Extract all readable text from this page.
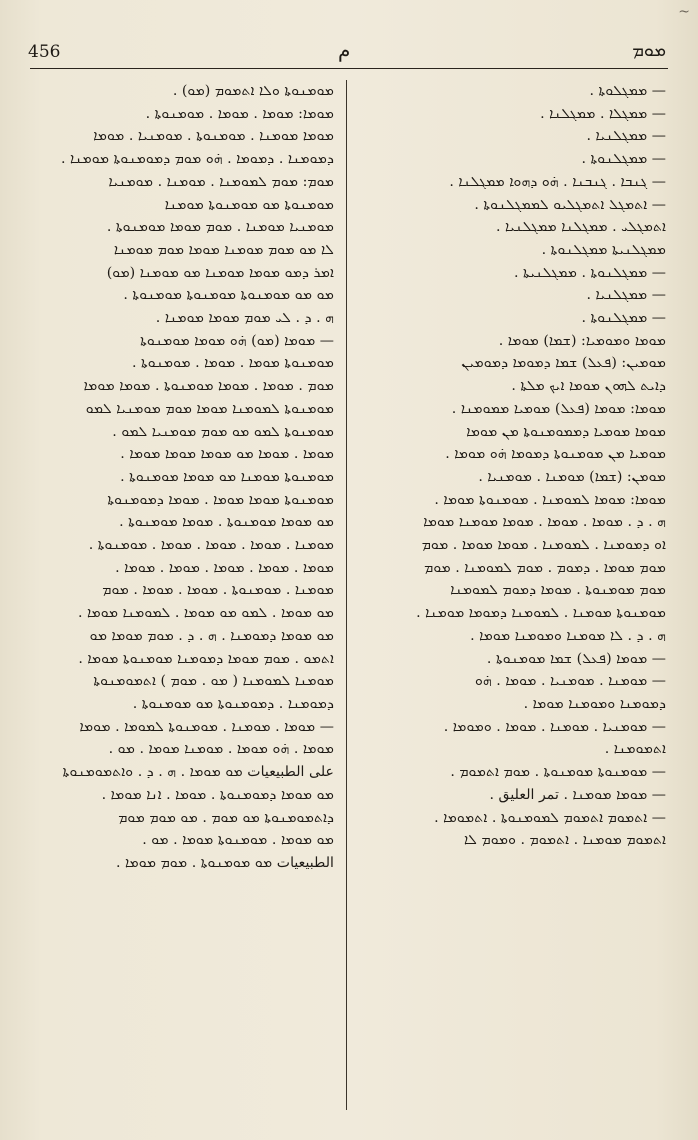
456	م	ܡܘܡ
~

— ܡܡܓܠܘܬܐ .

— ܡܡܓܠܐ . ܡܡܓܠܢܐ .

— ܡܡܓܠܢܝܐ .

— ܡܡܓܠܢܘܬܐ .

— ܓܢܒܐ . ܓܢܒܢܐ . ܗ̇ܘ ܕܗܘܐ ܡܡܓܠܢܐ .

— ܐܬܡܓܠ ܐܬܡܓܠܝܘ ܠܡܡܓܠܢܘܬܐ .

ܐܬܡܓܠܝ . ܡܡܓܠܢܐ ܡܡܓܠܢܝܐ .

ܡܡܓܠܢܝܬܐ ܡܡܓܠܢܘܬܐ .

— ܡܡܓܠܢܘܬܐ . ܡܡܓܠܢܝܬܐ .

— ܡܡܓܠܢܝܐ .

— ܡܡܓܠܢܘܬܐ .

ܡܘܡܐ ܘܡܘܡܝܐ: (ܫܡܐ) ܡܘܡܐ .

ܡܘܡܝܢ: (ܦܥܠ) ܫܡܐ ܕܡܘܡܐ ܕܡܘܡܝܢ

ܕܐܝܬ ܠܗܘܢ ܡܘܡܐ ܐܝܟ ܡܠܬܐ .

ܡܘܡܐ: ܡܘܡܐ (ܦܥܠ) ܡܘܡܝܐ ܡܡܘܡܢܐ .

ܡܘܡܐ ܡܘܡܝܐ ܕܡܡܘܡܢܘܬܐ ܡܢ ܡܘܡܐ

ܡܘܡܝܐ ܡܢ ܡܘܡܢܘܬܐ ܕܡܘܡܐ ܗ̇ܘ ܡܘܡܐ .

ܡܘܡܢ: (ܫܡܐ) ܡܘܡܢܐ . ܡܘܡܢܝܐ .

ܡܘܡܐ: ܡܘܡܐ ܠܡܘܡܢܐ . ܡܘܡܢܘܬܐ ܡܘܡܐ .

ܗ . ܕ . ܡܘܡܐ . ܡܘܡܐ . ܡܘܡܐ ܡܘܡܢܐ ܡܘܡܐ

ܐܘ ܕܡܘܡܢܐ . ܠܡܘܡܢܐ . ܡܘܡܐ ܡܘܡܐ . ܡܘܡ

ܡܘܡ ܡܘܡܐ . ܕܡܘܡ . ܡܘܡ ܠܡܘܡܢܐ . ܡܘܡ

ܡܘܡ ܡܘܡܢܘܬܐ . ܡܘܡܐ ܕܡܘܡ ܠܡܘܡܢܐ

ܡܘܡܢܘܬܐ ܡܘܡܢܐ . ܠܡܘܡܢܐ ܕܡܘܡܐ ܡܘܡܢܐ .

ܗ . ܕ . ܠܐ ܡܘܡܢܐ ܘܡܘܡܢܐ ܡܘܡܐ .

— ܡܘܡܐ (ܦܥܠ) ܫܡܐ ܡܘܡܢܘܬܐ .

— ܡܘܡܢܐ . ܡܘܡܢܝܐ . ܡܘܡܐ . ܗ̇ܘ

ܕܡܘܡܢܐ ܘܡܘܡܢܐ ܡܘܡܐ .

— ܡܘܡܢܝܐ . ܡܘܡܢܐ . ܡܘܡܐ . ܘܡܘܡܐ .

ܐܬܡܘܡܢܐ .

— ܡܘܡܢܘܬܐ ܡܘܡܢܘܬܐ . ܡܘܡ ܐܬܡܘܡ .

— ܡܘܡܐ ܡܘܡܢܐ . تمر العليق .

— ܐܬܡܘܡ ܐܬܡܘܡ ܠܡܘܡܢܘܬܐ . ܐܬܡܘܡܐ .

ܐܬܡܘܡ ܡܘܡܢܐ . ܐܬܡܘܡ . ܘܡܘܡ ܠܐ

ܡܘܡܢܘܬܐ ܘܠܐ ܐܬܡܘܡ (ܡܘ) .

ܡܘܡܐ: ܡܘܡܐ . ܡܘܡܐ . ܡܘܡܢܘܬܐ .

ܡܘܡܐ ܡܘܡܢܐ . ܡܘܡܢܘܬܐ . ܡܘܡܢܝܐ . ܡܘܡܐ

ܕܡܘܡܢܐ . ܕܡܘܡܐ . ܗ̇ܘ ܡܘܡ ܕܡܘܡܢܘܬܐ ܡܘܡܢܐ .

ܡܘܡ: ܡܘܡ ܠܡܘܡܢܐ . ܡܘܡܢܐ . ܡܘܡܢܝܐ

ܡܘܡܢܘܬܐ ܡܘ ܡܘܡܢܘܬܐ ܡܘܡܢܐ

ܡܘܡܢܝܐ ܡܘܡܢܐ . ܡܘܡ ܡܘܡܐ ܡܘܡܢܘܬܐ .

ܠܐ ܡܘ ܡܘܡ ܡܘܡܢܐ ܡܘܡܐ ܡܘܡ ܡܘܡܢܐ

ܐܡܪ ܕܡܘ ܡܘܡܐ ܡܘܡܢܐ ܡܘ ܡܘܡܢܐ (ܡܘ)

ܡܘ ܡܘ ܡܘܡܢܘܬܐ ܡܘܡܢܘܬܐ ܡܘܡܢܘܬܐ .

ܗ . ܕ . ܠܝ ܡܘܡ ܡܘܡܐ ܡܘܡܢܐ .

— ܡܘܡܐ (ܡܘ) ܗ̇ܘ ܡܘܡܐ ܡܘܡܢܘܬܐ

ܡܘܡܢܘܬܐ ܡܘܡܐ . ܡܘܡܐ . ܡܘܡܢܘܬܐ .

ܡܘܡ . ܡܘܡܐ . ܡܘܡܐ ܡܘܡܢܘܬܐ . ܡܘܡܐ ܡܘܡܐ

ܡܘܡܢܘܬܐ ܠܡܘܡܢܐ ܡܘܡܐ ܡܘܡ ܡܘܡܢܝܐ ܠܡܘ

ܡܘܡܢܘܬܐ ܠܡܘ ܡܘ ܡܘܡ ܡܘܡܢܝܐ ܠܡܘ .

ܡܘܡܐ . ܡܘܡܐ ܡܘ ܡܘܡܐ ܡܘܡܐ ܡܘܡܐ .

ܡܘܡܢܘܬܐ ܡܘܡܢܐ ܡܘ ܡܘܡܐ ܡܘܡܢܘܬܐ .

ܡܘܡܢܘܬܐ ܡܘܡܐ ܡܘܡܐ . ܡܘܡܐ ܕܡܘܡܢܘܬܐ

ܡܘ ܡܘܡܐ ܡܘܡܢܘܬܐ . ܡܘܡܐ ܡܘܡܢܘܬܐ .

ܡܘܡܢܐ . ܡܘܡܐ . ܡܘܡܐ . ܡܘܡܐ . ܡܘܡܢܘܬܐ .

ܡܘܡܐ . ܡܘܡܐ . ܡܘܡܐ . ܡܘܡܐ . ܡܘܡܐ .

ܡܘܡܢܐ . ܡܘܡܢܘܬܐ . ܡܘܡܐ . ܡܘܡܐ . ܡܘܡ

ܡܘ ܡܘܡܐ . ܠܡܘ ܡܘ ܡܘܡܐ . ܠܡܘܡܢܐ ܡܘܡܐ .

ܡܘ ܡܘܡܐ ܕܡܘܡܢܐ . ܗ . ܕ . ܡܘܡ ܡܘܡܐ ܡܘ

ܐܬܡܘ . ܡܘܡ ܡܘܡܐ ܕܡܘܡܢܐ ܡܘܡܢܘܬܐ ܡܘܡܐ .

ܡܘܡܢܐ ܠܡܘܡܢܐ ( ܡܘ . ܡܘܡ ) ܐܬܡܘܡܢܘܬܐ

ܕܡܘܡܢܐ . ܕܡܘܡܢܘܬܐ ܡܘ ܡܘܡܢܘܬܐ .

— ܡܘܡܐ . ܡܘܡܢܐ . ܡܘܡܢܘܬܐ ܠܡܘܡܐ . ܡܘܡܐ

ܡܘܡܐ . ܗ̇ܘ ܡܘܡܐ . ܡܘܡܢܐ ܡܘܡܐ . ܡܘ .

على الطبيعيات ܡܘ ܡܘܡܐ . ܗ . ܕ . ܘܐܬܡܘܡܢܘܬܐ

ܡܘ ܡܘܡܐ ܕܡܘܡܢܘܬܐ . ܡܘܡܐ . ܐܢܐ ܡܘܡܐ .

ܕܐܬܡܘܡܢܘܬܐ ܡܘ ܡܘܡ . ܡܘ ܡܘܡ ܡܘܡ

ܡܘ ܡܘܡܐ . ܡܘܡܢܘܬܐ ܡܘܡܐ . ܡܘ .

الطبيعيات ܡܘ ܡܘܡܢܘܬܐ . ܡܘܡ ܡܘܡܐ .
